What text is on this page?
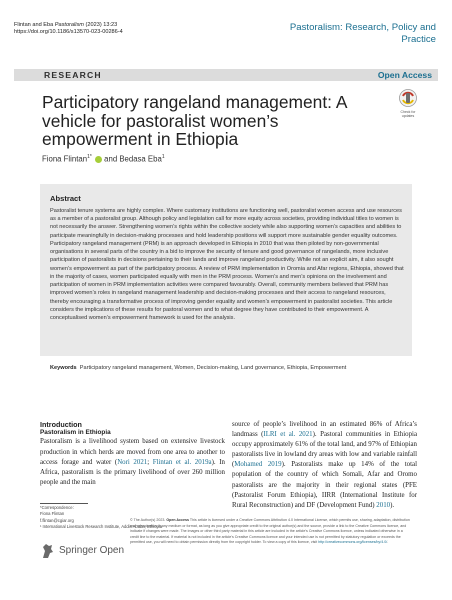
Flintan and Eba Pastoralism (2023) 13:23
https://doi.org/10.1186/s13570-023-00286-4	Pastoralism: Research, Policy and Practice
RESEARCH	Open Access
Participatory rangeland management: A vehicle for pastoralist women’s empowerment in Ethiopia
Check for updates
Fiona Flintan$^{1*}$  and Bedasa Eba$^1$
Abstract
Pastoralist tenure systems are highly complex. Where customary institutions are functioning well, pastoralist women access and use resources as a member of a pastoralist group. Although policy and legislation call for more equity across societies, providing individual titles to women is not necessarily the answer. Strengthening women’s rights within the collective society while also supporting women’s capacities and abilities to participate meaningfully in decision-making processes and hold leadership positions will support more sustainable gender equality outcomes. Participatory rangeland management (PRM) is an approach developed in Ethiopia in 2010 that was then piloted by non-governmental organisations in several parts of the country in a bid to improve the security of tenure and good governance of rangelands, more inclusive participation of pastoralists in decisions pertaining to their lands and improve rangeland productivity. While not an explicit aim, it also sought women’s empowerment as part of the participatory process. A review of PRM implementation in Oromia and Afar regions, Ethiopia, showed that in the majority of cases, women participated equally with men in the PRM process. Women’s and men’s opinions on the involvement and participation of women in PRM implementation activities were compared favourably. Overall, community members believed that PRM has improved women’s roles in rangeland management leadership and decision-making processes and their access to rangeland resources, thereby encouraging a transformative process of improving gender equality and women’s empowerment in pastoralist societies. This article considers the implications of these results for pastoral women and to what degree they have contributed to their empowerment. A conceptualised women’s empowerment framework is used for the analysis.
Keywords Participatory rangeland management, Women, Decision-making, Land governance, Ethiopia, Empowerment
Introduction
Pastoralism in Ethiopia
Pastoralism is a livelihood system based on extensive livestock production in which herds are moved from one area to another to access forage and water (Nori 2021; Flintan et al. 2019a). In Africa, pastoralism is the primary livelihood of over 260 million people and the main
source of people’s livelihood in an estimated 86% of Africa’s landmass (ILRI et al. 2021). Pastoral communities in Ethiopia occupy approximately 61% of the total land, and 97% of Ethiopian pastoralists live in lowland dry areas with low and variable rainfall (Mohamed 2019). Pastoralists make up 14% of the total population of the country of which Somali, Afar and Oromo pastoralists are the majority in their regional states (PFE (Pastoralist Forum Ethiopia), IIRR (International Institute for Rural Reconstruction) and DF (Development Fund) 2010).
*Correspondence:
Fiona Flintan
f.flintan@cgiar.org
¹ International Livestock Research Institute, Addis Ababa, Ethiopia
Springer Open
© The Author(s) 2023. Open Access This article is licensed under a Creative Commons Attribution 4.0 International License, which permits use, sharing, adaptation, distribution and reproduction in any medium or format, as long as you give appropriate credit to the original author(s) and the source, provide a link to the Creative Commons licence, and indicate if changes were made. The images or other third party material in this article are included in the article’s Creative Commons licence, unless indicated otherwise in a credit line to the material. If material is not included in the article’s Creative Commons licence and your intended use is not permitted by statutory regulation or exceeds the permitted use, you will need to obtain permission directly from the copyright holder. To view a copy of this licence, visit http://creativecommons.org/licenses/by/4.0/.
